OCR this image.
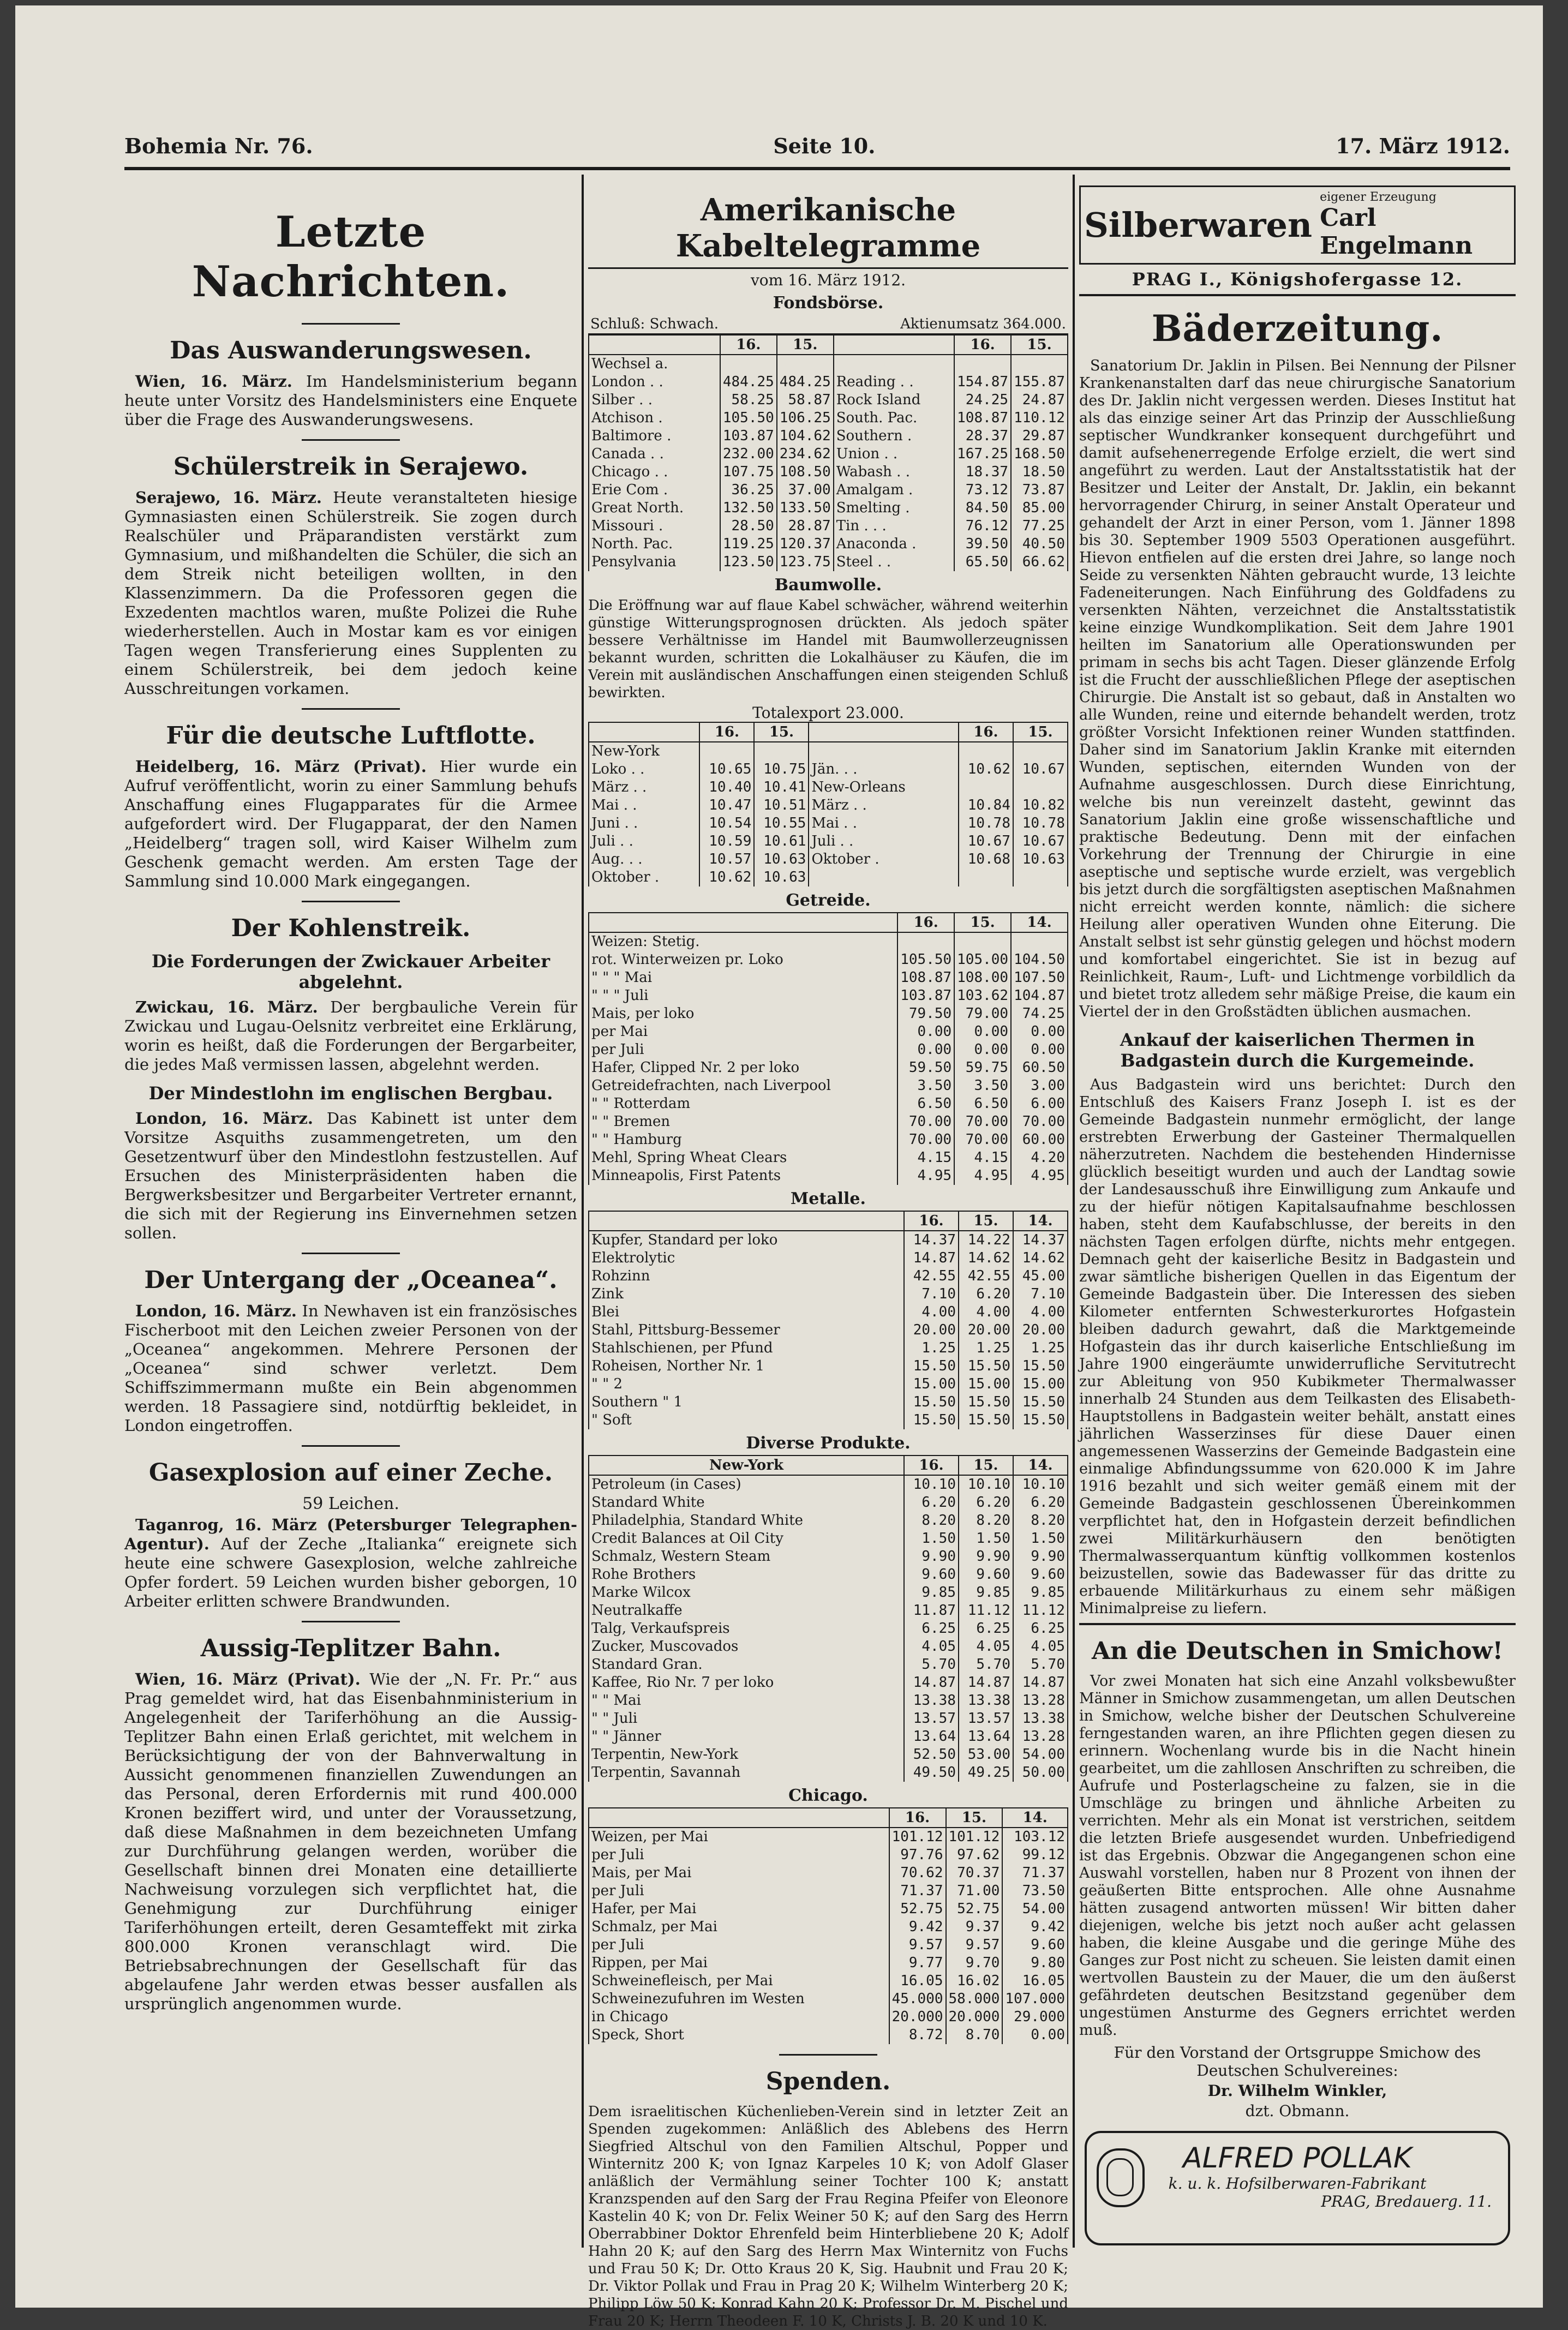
Bohemia Nr. 76.	Seite 10.	17. März 1912.
Letzte Nachrichten.
Das Auswanderungswesen.

Wien, 16. März. Im Handelsministerium begann heute unter Vorsitz des Handelsministers eine Enquete über die Frage des Auswanderungswesens.

Schülerstreik in Serajewo.

Serajewo, 16. März. Heute veranstalteten hiesige Gymnasiasten einen Schülerstreik. Sie zogen durch Realschüler und Präparandisten verstärkt zum Gymnasium, und mißhandelten die Schüler, die sich an dem Streik nicht beteiligen wollten, in den Klassenzimmern. Da die Professoren gegen die Exzedenten machtlos waren, mußte Polizei die Ruhe wiederherstellen. Auch in Mostar kam es vor einigen Tagen wegen Transferierung eines Supplenten zu einem Schülerstreik, bei dem jedoch keine Ausschreitungen vorkamen.

Für die deutsche Luftflotte.

Heidelberg, 16. März (Privat). Hier wurde ein Aufruf veröffentlicht, worin zu einer Sammlung behufs Anschaffung eines Flugapparates für die Armee aufgefordert wird. Der Flugapparat, der den Namen „Heidelberg“ tragen soll, wird Kaiser Wilhelm zum Geschenk gemacht werden. Am ersten Tage der Sammlung sind 10.000 Mark eingegangen.

Der Kohlenstreik.
Die Forderungen der Zwickauer Arbeiter abgelehnt.

Zwickau, 16. März. Der bergbauliche Verein für Zwickau und Lugau-Oelsnitz verbreitet eine Erklärung, worin es heißt, daß die Forderungen der Bergarbeiter, die jedes Maß vermissen lassen, abgelehnt werden.

Der Mindestlohn im englischen Bergbau.

London, 16. März. Das Kabinett ist unter dem Vorsitze Asquiths zusammengetreten, um den Gesetzentwurf über den Mindestlohn festzustellen. Auf Ersuchen des Ministerpräsidenten haben die Bergwerksbesitzer und Bergarbeiter Vertreter ernannt, die sich mit der Regierung ins Einvernehmen setzen sollen.

Der Untergang der „Oceanea“.

London, 16. März. In Newhaven ist ein französisches Fischerboot mit den Leichen zweier Personen von der „Oceanea“ angekommen. Mehrere Personen der „Oceanea“ sind schwer verletzt. Dem Schiffszimmermann mußte ein Bein abgenommen werden. 18 Passagiere sind, notdürftig bekleidet, in London eingetroffen.

Gasexplosion auf einer Zeche.
59 Leichen.

Taganrog, 16. März (Petersburger Telegraphen-Agentur). Auf der Zeche „Italianka“ ereignete sich heute eine schwere Gasexplosion, welche zahlreiche Opfer fordert. 59 Leichen wurden bisher geborgen, 10 Arbeiter erlitten schwere Brandwunden.

Aussig-Teplitzer Bahn.

Wien, 16. März (Privat). Wie der „N. Fr. Pr.“ aus Prag gemeldet wird, hat das Eisenbahnministerium in Angelegenheit der Tariferhöhung an die Aussig-Teplitzer Bahn einen Erlaß gerichtet, mit welchem in Berücksichtigung der von der Bahnverwaltung in Aussicht genommenen finanziellen Zuwendungen an das Personal, deren Erfordernis mit rund 400.000 Kronen beziffert wird, und unter der Voraussetzung, daß diese Maßnahmen in dem bezeichneten Umfang zur Durchführung gelangen werden, worüber die Gesellschaft binnen drei Monaten eine detaillierte Nachweisung vorzulegen sich verpflichtet hat, die Genehmigung zur Durchführung einiger Tariferhöhungen erteilt, deren Gesamteffekt mit zirka 800.000 Kronen veranschlagt wird. Die Betriebsabrechnungen der Gesellschaft für das abgelaufene Jahr werden etwas besser ausfallen als ursprünglich angenommen wurde.

Amerikanische Kabeltelegramme
vom 16. März 1912.
Fondsbörse.
Schluß: Schwach.	Aktienumsatz 364.000.
	16.	15.		16.	15.
Wechsel a.					
London . .	484.25	484.25	Reading . .	154.87	155.87
Silber . .	58.25	58.87	Rock Island	24.25	24.87
Atchison .	105.50	106.25	South. Pac.	108.87	110.12
Baltimore .	103.87	104.62	Southern .	28.37	29.87
Canada . .	232.00	234.62	Union . .	167.25	168.50
Chicago . .	107.75	108.50	Wabash . .	18.37	18.50
Erie Com .	36.25	37.00	Amalgam .	73.12	73.87
Great North.	132.50	133.50	Smelting .	84.50	85.00
Missouri .	28.50	28.87	Tin . . .	76.12	77.25
North. Pac.	119.25	120.37	Anaconda .	39.50	40.50
Pensylvania	123.50	123.75	Steel . .	65.50	66.62
Baumwolle.

Die Eröffnung war auf flaue Kabel schwächer, während weiterhin günstige Witterungsprognosen drückten. Als jedoch später bessere Verhältnisse im Handel mit Baumwollerzeugnissen bekannt wurden, schritten die Lokalhäuser zu Käufen, die im Verein mit ausländischen Anschaffungen einen steigenden Schluß bewirkten.

Totalexport 23.000.
	16.	15.		16.	15.
New-York					
Loko . .	10.65	10.75	Jän. . .	10.62	10.67
März . .	10.40	10.41	New-Orleans		
Mai . .	10.47	10.51	März . .	10.84	10.82
Juni . .	10.54	10.55	Mai . .	10.78	10.78
Juli . .	10.59	10.61	Juli . .	10.67	10.67
Aug. . .	10.57	10.63	Oktober .	10.68	10.63
Oktober .	10.62	10.63			
Getreide.
	16.	15.	14.
Weizen: Stetig.			
rot. Winterweizen pr. Loko	105.50	105.00	104.50
" " " Mai	108.87	108.00	107.50
" " " Juli	103.87	103.62	104.87
Mais, per loko	79.50	79.00	74.25
per Mai	0.00	0.00	0.00
per Juli	0.00	0.00	0.00
Hafer, Clipped Nr. 2 per loko	59.50	59.75	60.50
Getreidefrachten, nach Liverpool	3.50	3.50	3.00
" " Rotterdam	6.50	6.50	6.00
" " Bremen	70.00	70.00	70.00
" " Hamburg	70.00	70.00	60.00
Mehl, Spring Wheat Clears	4.15	4.15	4.20
Minneapolis, First Patents	4.95	4.95	4.95
Metalle.
	16.	15.	14.
Kupfer, Standard per loko	14.37	14.22	14.37
Elektrolytic	14.87	14.62	14.62
Rohzinn	42.55	42.55	45.00
Zink	7.10	6.20	7.10
Blei	4.00	4.00	4.00
Stahl, Pittsburg-Bessemer	20.00	20.00	20.00
Stahlschienen, per Pfund	1.25	1.25	1.25
Roheisen, Norther Nr. 1	15.50	15.50	15.50
" " 2	15.00	15.00	15.00
Southern " 1	15.50	15.50	15.50
" Soft	15.50	15.50	15.50
Diverse Produkte.
New-York	16.	15.	14.
Petroleum (in Cases)	10.10	10.10	10.10
Standard White	6.20	6.20	6.20
Philadelphia, Standard White	8.20	8.20	8.20
Credit Balances at Oil City	1.50	1.50	1.50
Schmalz, Western Steam	9.90	9.90	9.90
Rohe Brothers	9.60	9.60	9.60
Marke Wilcox	9.85	9.85	9.85
Neutralkaffe	11.87	11.12	11.12
Talg, Verkaufspreis	6.25	6.25	6.25
Zucker, Muscovados	4.05	4.05	4.05
Standard Gran.	5.70	5.70	5.70
Kaffee, Rio Nr. 7 per loko	14.87	14.87	14.87
" " Mai	13.38	13.38	13.28
" " Juli	13.57	13.57	13.38
" " Jänner	13.64	13.64	13.28
Terpentin, New-York	52.50	53.00	54.00
Terpentin, Savannah	49.50	49.25	50.00
Chicago.
	16.	15.	14.
Weizen, per Mai	101.12	101.12	103.12
per Juli	97.76	97.62	99.12
Mais, per Mai	70.62	70.37	71.37
per Juli	71.37	71.00	73.50
Hafer, per Mai	52.75	52.75	54.00
Schmalz, per Mai	9.42	9.37	9.42
per Juli	9.57	9.57	9.60
Rippen, per Mai	9.77	9.70	9.80
Schweinefleisch, per Mai	16.05	16.02	16.05
Schweinezufuhren im Westen	45.000	58.000	107.000
in Chicago	20.000	20.000	29.000
Speck, Short	8.72	8.70	0.00
Spenden.

Dem israelitischen Küchenlieben-Verein sind in letzter Zeit an Spenden zugekommen: Anläßlich des Ablebens des Herrn Siegfried Altschul von den Familien Altschul, Popper und Winternitz 200 K; von Ignaz Karpeles 10 K; von Adolf Glaser anläßlich der Vermählung seiner Tochter 100 K; anstatt Kranzspenden auf den Sarg der Frau Regina Pfeifer von Eleonore Kastelin 40 K; von Dr. Felix Weiner 50 K; auf den Sarg des Herrn Oberrabbiner Doktor Ehrenfeld beim Hinterbliebene 20 K; Adolf Hahn 20 K; auf den Sarg des Herrn Max Winternitz von Fuchs und Frau 50 K; Dr. Otto Kraus 20 K, Sig. Haubnit und Frau 20 K; Dr. Viktor Pollak und Frau in Prag 20 K; Wilhelm Winterberg 20 K; Philipp Löw 50 K; Konrad Kahn 20 K; Professor Dr. M. Pischel und Frau 20 K; Herrn Theodeen F. 10 K, Christs J. B. 20 K und 10 K.

Silberwaren
eigener Erzeugung
Carl Engelmann
PRAG I., Königshofergasse 12.
Bäderzeitung.

Sanatorium Dr. Jaklin in Pilsen. Bei Nennung der Pilsner Krankenanstalten darf das neue chirurgische Sanatorium des Dr. Jaklin nicht vergessen werden. Dieses Institut hat als das einzige seiner Art das Prinzip der Ausschließung septischer Wundkranker konsequent durchgeführt und damit aufsehenerregende Erfolge erzielt, die wert sind angeführt zu werden. Laut der Anstaltsstatistik hat der Besitzer und Leiter der Anstalt, Dr. Jaklin, ein bekannt hervorragender Chirurg, in seiner Anstalt Operateur und gehandelt der Arzt in einer Person, vom 1. Jänner 1898 bis 30. September 1909 5503 Operationen ausgeführt. Hievon entfielen auf die ersten drei Jahre, so lange noch Seide zu versenkten Nähten gebraucht wurde, 13 leichte Fadeneiterungen. Nach Einführung des Goldfadens zu versenkten Nähten, verzeichnet die Anstaltsstatistik keine einzige Wundkomplikation. Seit dem Jahre 1901 heilten im Sanatorium alle Operationswunden per primam in sechs bis acht Tagen. Dieser glänzende Erfolg ist die Frucht der ausschließlichen Pflege der aseptischen Chirurgie. Die Anstalt ist so gebaut, daß in Anstalten wo alle Wunden, reine und eiternde behandelt werden, trotz größter Vorsicht Infektionen reiner Wunden stattfinden. Daher sind im Sanatorium Jaklin Kranke mit eiternden Wunden, septischen, eiternden Wunden von der Aufnahme ausgeschlossen. Durch diese Einrichtung, welche bis nun vereinzelt dasteht, gewinnt das Sanatorium Jaklin eine große wissenschaftliche und praktische Bedeutung. Denn mit der einfachen Vorkehrung der Trennung der Chirurgie in eine aseptische und septische wurde erzielt, was vergeblich bis jetzt durch die sorgfältigsten aseptischen Maßnahmen nicht erreicht werden konnte, nämlich: die sichere Heilung aller operativen Wunden ohne Eiterung. Die Anstalt selbst ist sehr günstig gelegen und höchst modern und komfortabel eingerichtet. Sie ist in bezug auf Reinlichkeit, Raum-, Luft- und Lichtmenge vorbildlich da und bietet trotz alledem sehr mäßige Preise, die kaum ein Viertel der in den Großstädten üblichen ausmachen.

Ankauf der kaiserlichen Thermen in Badgastein durch die Kurgemeinde.

Aus Badgastein wird uns berichtet: Durch den Entschluß des Kaisers Franz Joseph I. ist es der Gemeinde Badgastein nunmehr ermöglicht, der lange erstrebten Erwerbung der Gasteiner Thermalquellen näherzutreten. Nachdem die bestehenden Hindernisse glücklich beseitigt wurden und auch der Landtag sowie der Landesausschuß ihre Einwilligung zum Ankaufe und zu der hiefür nötigen Kapitalsaufnahme beschlossen haben, steht dem Kaufabschlusse, der bereits in den nächsten Tagen erfolgen dürfte, nichts mehr entgegen. Demnach geht der kaiserliche Besitz in Badgastein und zwar sämtliche bisherigen Quellen in das Eigentum der Gemeinde Badgastein über. Die Interessen des sieben Kilometer entfernten Schwesterkurortes Hofgastein bleiben dadurch gewahrt, daß die Marktgemeinde Hofgastein das ihr durch kaiserliche Entschließung im Jahre 1900 eingeräumte unwiderrufliche Servitutrecht zur Ableitung von 950 Kubikmeter Thermalwasser innerhalb 24 Stunden aus dem Teilkasten des Elisabeth-Hauptstollens in Badgastein weiter behält, anstatt eines jährlichen Wasserzinses für diese Dauer einen angemessenen Wasserzins der Gemeinde Badgastein eine einmalige Abfindungssumme von 620.000 K im Jahre 1916 bezahlt und sich weiter gemäß einem mit der Gemeinde Badgastein geschlossenen Übereinkommen verpflichtet hat, den in Hofgastein derzeit befindlichen zwei Militärkurhäusern den benötigten Thermalwasserquantum künftig vollkommen kostenlos beizustellen, sowie das Badewasser für das dritte zu erbauende Militärkurhaus zu einem sehr mäßigen Minimalpreise zu liefern.

An die Deutschen in Smichow!

Vor zwei Monaten hat sich eine Anzahl volksbewußter Männer in Smichow zusammengetan, um allen Deutschen in Smichow, welche bisher der Deutschen Schulvereine ferngestanden waren, an ihre Pflichten gegen diesen zu erinnern. Wochenlang wurde bis in die Nacht hinein gearbeitet, um die zahllosen Anschriften zu schreiben, die Aufrufe und Posterlagscheine zu falzen, sie in die Umschläge zu bringen und ähnliche Arbeiten zu verrichten. Mehr als ein Monat ist verstrichen, seitdem die letzten Briefe ausgesendet wurden. Unbefriedigend ist das Ergebnis. Obzwar die Angegangenen schon eine Auswahl vorstellen, haben nur 8 Prozent von ihnen der geäußerten Bitte entsprochen. Alle ohne Ausnahme hätten zusagend antworten müssen! Wir bitten daher diejenigen, welche bis jetzt noch außer acht gelassen haben, die kleine Ausgabe und die geringe Mühe des Ganges zur Post nicht zu scheuen. Sie leisten damit einen wertvollen Baustein zu der Mauer, die um den äußerst gefährdeten deutschen Besitzstand gegenüber dem ungestümen Ansturme des Gegners errichtet werden muß.

Für den Vorstand der Ortsgruppe Smichow des Deutschen Schulvereines:
Dr. Wilhelm Winkler,
dzt. Obmann.
ALFRED POLLAK
k. u. k. Hofsilberwaren-Fabrikant
PRAG, Bredauerg. 11.
